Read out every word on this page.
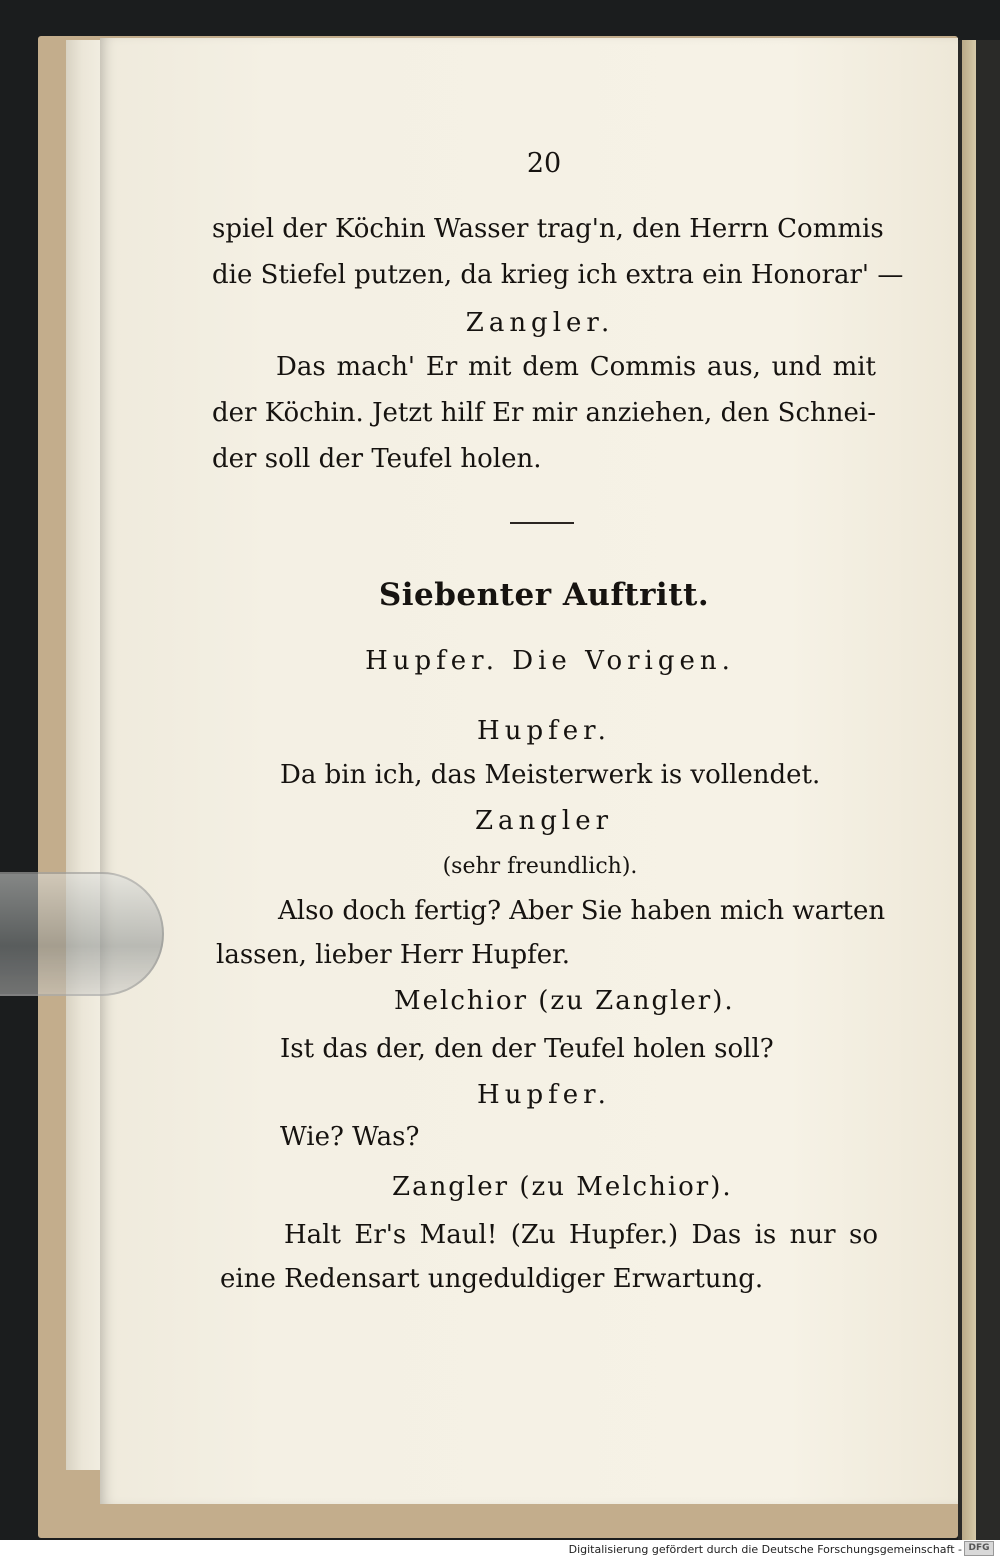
20
spiel der Köchin Wasser trag'n, den Herrn Commis
die Stiefel putzen, da krieg ich extra ein Honorar' —
Zangler.
Das mach' Er mit dem Commis aus, und mit
der Köchin. Jetzt hilf Er mir anziehen, den Schnei-
der soll der Teufel holen.
Siebenter Auftritt.
Hupfer. Die Vorigen.
Hupfer.
Da bin ich, das Meisterwerk is vollendet.
Zangler
(sehr freundlich).
Also doch fertig? Aber Sie haben mich warten
lassen, lieber Herr Hupfer.
Melchior (zu Zangler).
Ist das der, den der Teufel holen soll?
Hupfer.
Wie? Was?
Zangler (zu Melchior).
Halt Er's Maul! (Zu Hupfer.) Das is nur so
eine Redensart ungeduldiger Erwartung.
Digitalisierung gefördert durch die Deutsche Forschungsgemeinschaft - DFG
